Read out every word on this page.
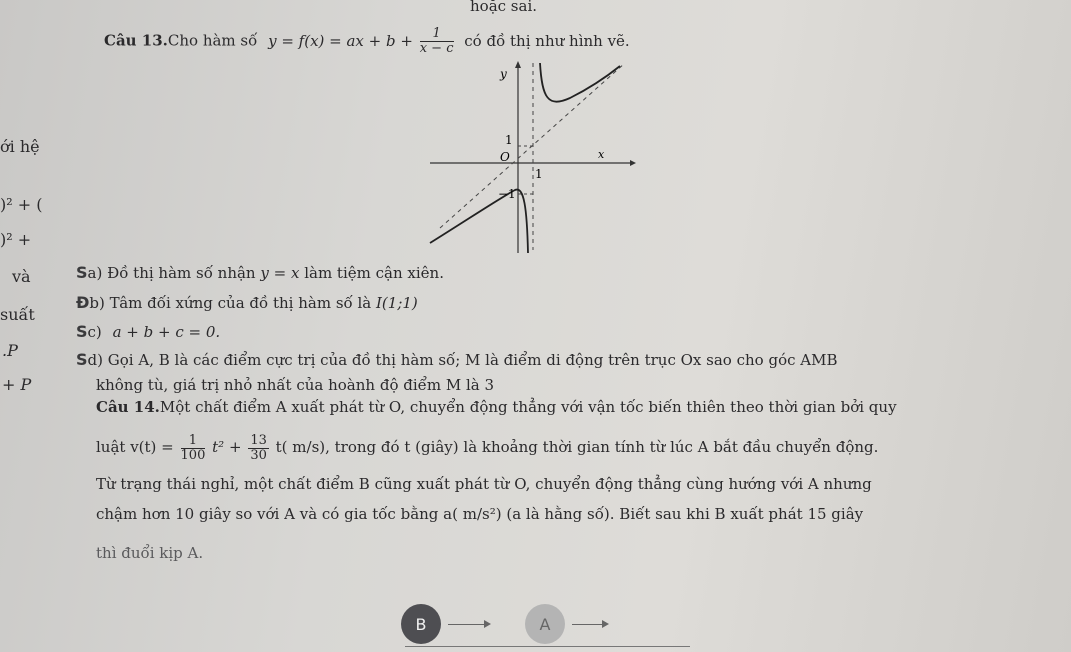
hoặc sai.
ới hệ
)² + (
)² +
và
suất
.P
+ P
Câu 13.Cho hàm số y = f(x) = ax + $b + \frac{1}{x - c}$ có đồ thị như hình vẽ.
y
x
O
1
1
−1
Sa) Đồ thị hàm số nhận y = x làm tiệm cận xiên.
Đb) Tâm đối xứng của đồ thị hàm số là I(1;1)
Sc) a + b + c = 0.
Sd) Gọi A, B là các điểm cực trị của đồ thị hàm số; M là điểm di động trên trục Ox sao cho góc AMB
không tù, giá trị nhỏ nhất của hoành độ điểm M là 3
Câu 14.Một chất điểm A xuất phát từ O, chuyển động thẳng với vận tốc biến thiên theo thời gian bởi quy
luật $v(t) = \frac{1}{100} t^2 + \frac{13}{30} t$( m/s), trong đó t (giây) là khoảng thời gian tính từ lúc A bắt đầu chuyển động.
Từ trạng thái nghỉ, một chất điểm B cũng xuất phát từ O, chuyển động thẳng cùng hướng với A nhưng
chậm hơn 10 giây so với A và có gia tốc bằng a( m/s²) (a là hằng số). Biết sau khi B xuất phát 15 giây
thì đuổi kịp A.
B	A
